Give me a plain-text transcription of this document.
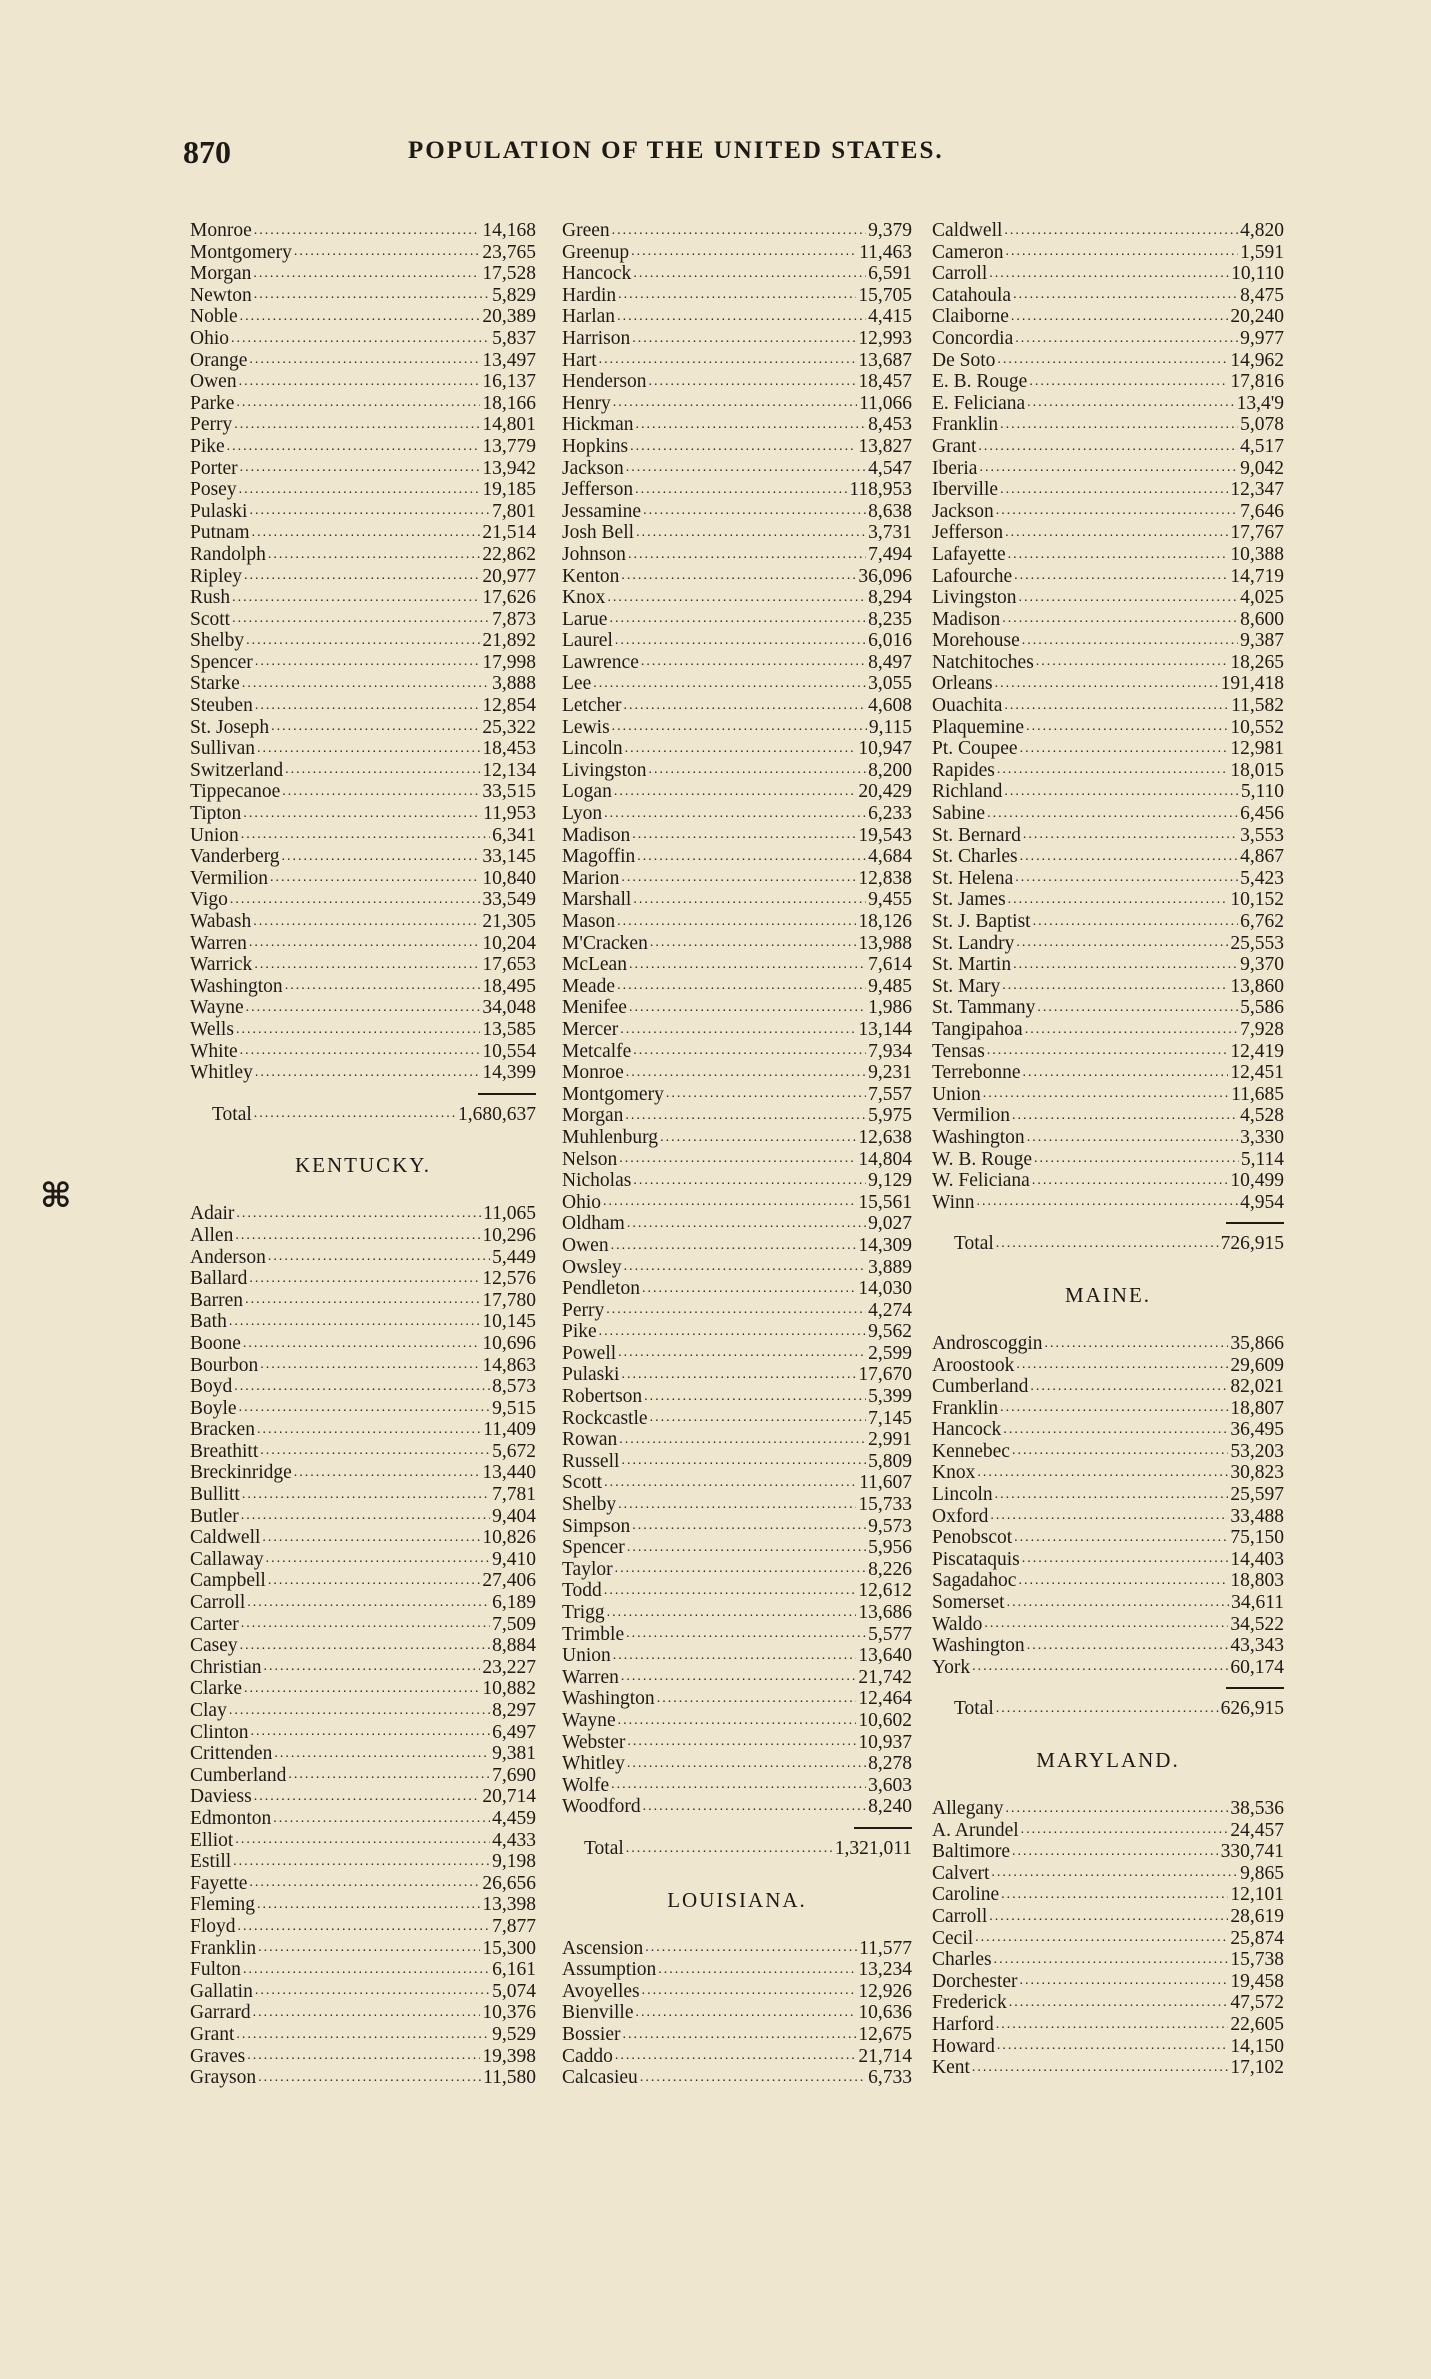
870	POPULATION OF THE UNITED STATES.
⌘
Monroe .....	14,168
Montgomery .....	23,765
Morgan .....	17,528
Newton .....	5,829
Noble .....	20,389
Ohio .....	5,837
Orange .....	13,497
Owen .....	16,137
Parke .....	18,166
Perry .....	14,801
Pike .....	13,779
Porter .....	13,942
Posey .....	19,185
Pulaski .....	7,801
Putnam .....	21,514
Randolph .....	22,862
Ripley .....	20,977
Rush .....	17,626
Scott .....	7,873
Shelby .....	21,892
Spencer .....	17,998
Starke .....	3,888
Steuben .....	12,854
St. Joseph .....	25,322
Sullivan .....	18,453
Switzerland .....	12,134
Tippecanoe .....	33,515
Tipton .....	11,953
Union .....	6,341
Vanderberg .....	33,145
Vermilion .....	10,840
Vigo .....	33,549
Wabash .....	21,305
Warren .....	10,204
Warrick .....	17,653
Washington .....	18,495
Wayne .....	34,048
Wells .....	13,585
White .....	10,554
Whitley .....	14,399
Total .....	1,680,637
KENTUCKY.
Adair .....	11,065
Allen .....	10,296
Anderson .....	5,449
Ballard .....	12,576
Barren .....	17,780
Bath .....	10,145
Boone .....	10,696
Bourbon .....	14,863
Boyd .....	8,573
Boyle .....	9,515
Bracken .....	11,409
Breathitt .....	5,672
Breckinridge .....	13,440
Bullitt .....	7,781
Butler .....	9,404
Caldwell .....	10,826
Callaway .....	9,410
Campbell .....	27,406
Carroll .....	6,189
Carter .....	7,509
Casey .....	8,884
Christian .....	23,227
Clarke .....	10,882
Clay .....	8,297
Clinton .....	6,497
Crittenden .....	9,381
Cumberland .....	7,690
Daviess .....	20,714
Edmonton .....	4,459
Elliot .....	4,433
Estill .....	9,198
Fayette .....	26,656
Fleming .....	13,398
Floyd .....	7,877
Franklin .....	15,300
Fulton .....	6,161
Gallatin .....	5,074
Garrard .....	10,376
Grant .....	9,529
Graves .....	19,398
Grayson .....	11,580
Green .....	9,379
Greenup .....	11,463
Hancock .....	6,591
Hardin .....	15,705
Harlan .....	4,415
Harrison .....	12,993
Hart .....	13,687
Henderson .....	18,457
Henry .....	11,066
Hickman .....	8,453
Hopkins .....	13,827
Jackson .....	4,547
Jefferson .....	118,953
Jessamine .....	8,638
Josh Bell .....	3,731
Johnson .....	7,494
Kenton .....	36,096
Knox .....	8,294
Larue .....	8,235
Laurel .....	6,016
Lawrence .....	8,497
Lee .....	3,055
Letcher .....	4,608
Lewis .....	9,115
Lincoln .....	10,947
Livingston .....	8,200
Logan .....	20,429
Lyon .....	6,233
Madison .....	19,543
Magoffin .....	4,684
Marion .....	12,838
Marshall .....	9,455
Mason .....	18,126
M'Cracken .....	13,988
McLean .....	7,614
Meade .....	9,485
Menifee .....	1,986
Mercer .....	13,144
Metcalfe .....	7,934
Monroe .....	9,231
Montgomery .....	7,557
Morgan .....	5,975
Muhlenburg .....	12,638
Nelson .....	14,804
Nicholas .....	9,129
Ohio .....	15,561
Oldham .....	9,027
Owen .....	14,309
Owsley .....	3,889
Pendleton .....	14,030
Perry .....	4,274
Pike .....	9,562
Powell .....	2,599
Pulaski .....	17,670
Robertson .....	5,399
Rockcastle .....	7,145
Rowan .....	2,991
Russell .....	5,809
Scott .....	11,607
Shelby .....	15,733
Simpson .....	9,573
Spencer .....	5,956
Taylor .....	8,226
Todd .....	12,612
Trigg .....	13,686
Trimble .....	5,577
Union .....	13,640
Warren .....	21,742
Washington .....	12,464
Wayne .....	10,602
Webster .....	10,937
Whitley .....	8,278
Wolfe .....	3,603
Woodford .....	8,240
Total .....	1,321,011
LOUISIANA.
Ascension .....	11,577
Assumption .....	13,234
Avoyelles .....	12,926
Bienville .....	10,636
Bossier .....	12,675
Caddo .....	21,714
Calcasieu .....	6,733
Caldwell .....	4,820
Cameron .....	1,591
Carroll .....	10,110
Catahoula .....	8,475
Claiborne .....	20,240
Concordia .....	9,977
De Soto .....	14,962
E. B. Rouge .....	17,816
E. Feliciana .....	13,4'9
Franklin .....	5,078
Grant .....	4,517
Iberia .....	9,042
Iberville .....	12,347
Jackson .....	7,646
Jefferson .....	17,767
Lafayette .....	10,388
Lafourche .....	14,719
Livingston .....	4,025
Madison .....	8,600
Morehouse .....	9,387
Natchitoches .....	18,265
Orleans .....	191,418
Ouachita .....	11,582
Plaquemine .....	10,552
Pt. Coupee .....	12,981
Rapides .....	18,015
Richland .....	5,110
Sabine .....	6,456
St. Bernard .....	3,553
St. Charles .....	4,867
St. Helena .....	5,423
St. James .....	10,152
St. J. Baptist .....	6,762
St. Landry .....	25,553
St. Martin .....	9,370
St. Mary .....	13,860
St. Tammany .....	5,586
Tangipahoa .....	7,928
Tensas .....	12,419
Terrebonne .....	12,451
Union .....	11,685
Vermilion .....	4,528
Washington .....	3,330
W. B. Rouge .....	5,114
W. Feliciana .....	10,499
Winn .....	4,954
Total .....	726,915
MAINE.
Androscoggin .....	35,866
Aroostook .....	29,609
Cumberland .....	82,021
Franklin .....	18,807
Hancock .....	36,495
Kennebec .....	53,203
Knox .....	30,823
Lincoln .....	25,597
Oxford .....	33,488
Penobscot .....	75,150
Piscataquis .....	14,403
Sagadahoc .....	18,803
Somerset .....	34,611
Waldo .....	34,522
Washington .....	43,343
York .....	60,174
Total .....	626,915
MARYLAND.
Allegany .....	38,536
A. Arundel .....	24,457
Baltimore .....	330,741
Calvert .....	9,865
Caroline .....	12,101
Carroll .....	28,619
Cecil .....	25,874
Charles .....	15,738
Dorchester .....	19,458
Frederick .....	47,572
Harford .....	22,605
Howard .....	14,150
Kent .....	17,102
